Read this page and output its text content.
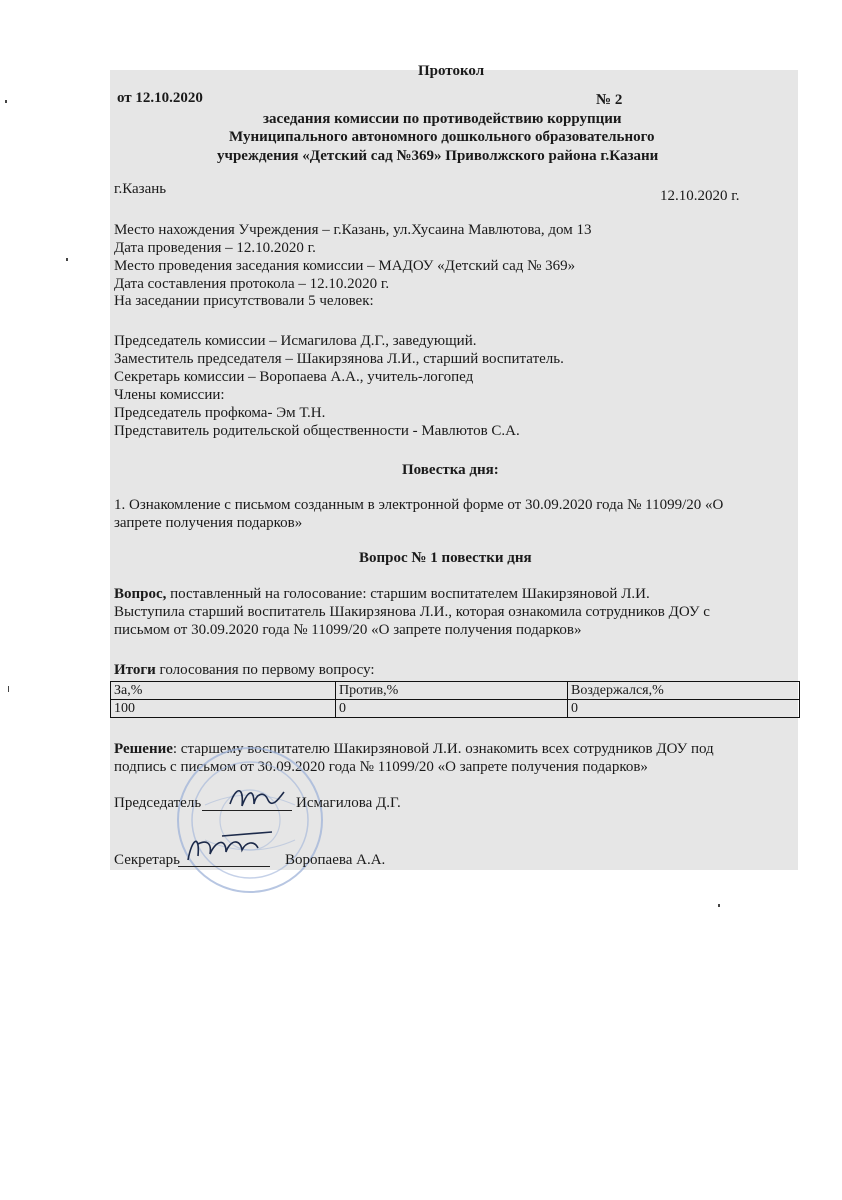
Протокол
от 12.10.2020	№ 2
заседания комиссии по противодействию коррупции
Муниципального автономного дошкольного образовательного
учреждения «Детский сад №369» Приволжского района г.Казани
г.Казань	12.10.2020 г.
Место нахождения Учреждения – г.Казань, ул.Хусаина Мавлютова, дом 13
Дата проведения – 12.10.2020 г.
Место проведения заседания комиссии – МАДОУ «Детский сад № 369»
Дата составления протокола – 12.10.2020 г.
На заседании присутствовали 5 человек:
Председатель комиссии – Исмагилова Д.Г., заведующий.
Заместитель председателя – Шакирзянова Л.И., старший воспитатель.
Секретарь комиссии – Воропаева А.А., учитель-логопед
Члены комиссии:
Председатель профкома- Эм Т.Н.
Представитель родительской общественности - Мавлютов С.А.
Повестка дня:
1. Ознакомление с письмом созданным в электронной форме от 30.09.2020 года № 11099/20 «О
запрете получения подарков»
Вопрос № 1 повестки дня
Вопрос, поставленный на голосование: старшим воспитателем Шакирзяновой Л.И.
Выступила старший воспитатель Шакирзянова Л.И., которая ознакомила сотрудников ДОУ с
письмом от 30.09.2020 года № 11099/20 «О запрете получения подарков»
Итоги голосования по первому вопросу:
За,%	Против,%	Воздержался,%
100	0	0
Решение: старшему воспитателю Шакирзяновой Л.И. ознакомить всех сотрудников ДОУ под
подпись с письмом от 30.09.2020 года № 11099/20 «О запрете получения подарков»
Председатель	Исмагилова Д.Г.
Секретарь	Воропаева А.А.
